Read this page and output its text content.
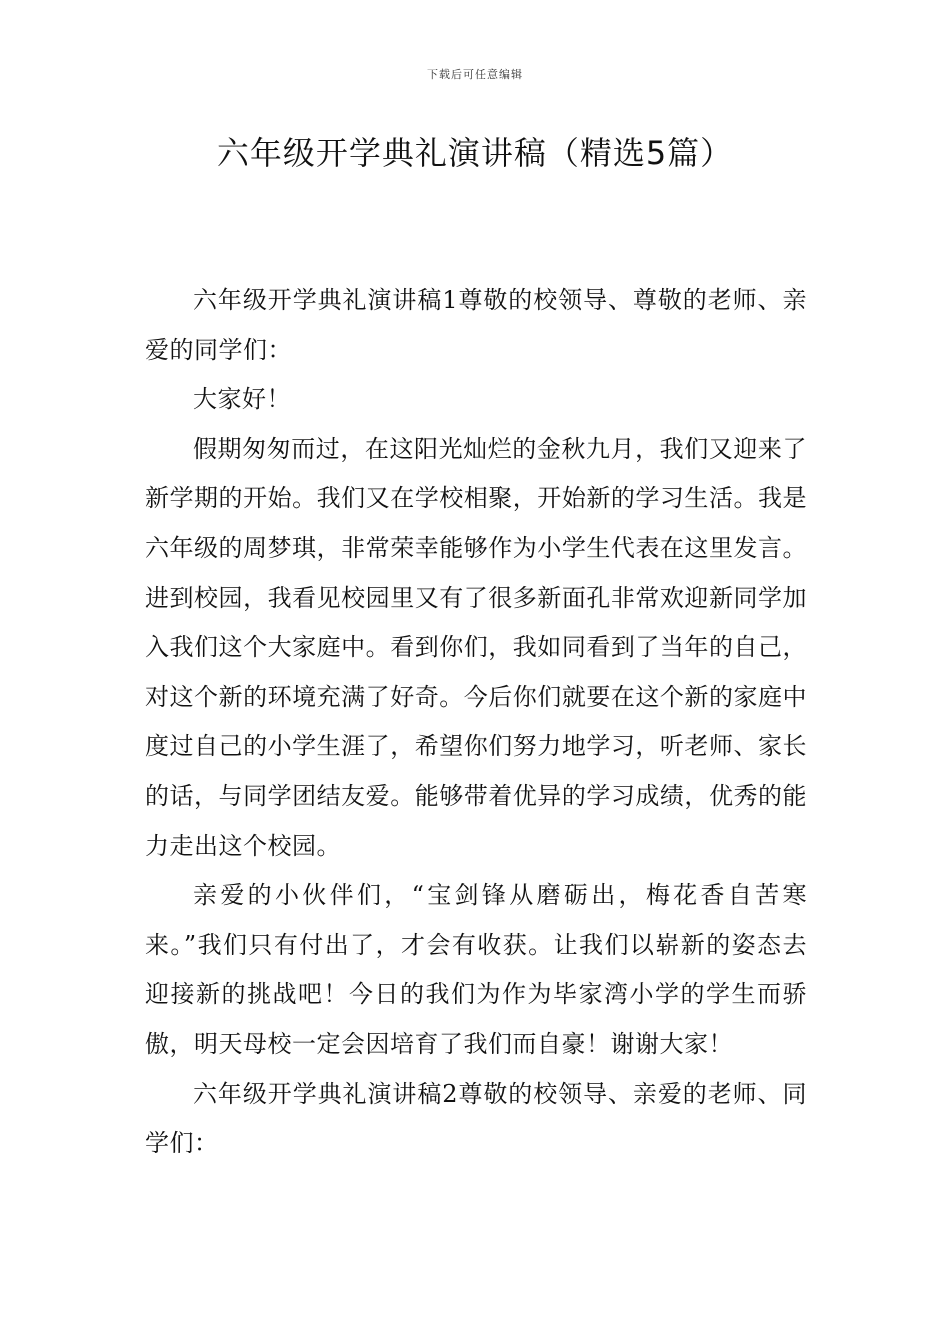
下载后可任意编辑
六年级开学典礼演讲稿（精选5篇）

六年级开学典礼演讲稿1尊敬的校领导、尊敬的老师、亲爱的同学们：

大家好！

假期匆匆而过，在这阳光灿烂的金秋九月，我们又迎来了新学期的开始。我们又在学校相聚，开始新的学习生活。我是六年级的周梦琪，非常荣幸能够作为小学生代表在这里发言。进到校园，我看见校园里又有了很多新面孔非常欢迎新同学加入我们这个大家庭中。看到你们，我如同看到了当年的自己，对这个新的环境充满了好奇。今后你们就要在这个新的家庭中度过自己的小学生涯了，希望你们努力地学习，听老师、家长的话，与同学团结友爱。能够带着优异的学习成绩，优秀的能力走出这个校园。

亲爱的小伙伴们，“宝剑锋从磨砺出，梅花香自苦寒来。”我们只有付出了，才会有收获。让我们以崭新的姿态去迎接新的挑战吧！今日的我们为作为毕家湾小学的学生而骄傲，明天母校一定会因培育了我们而自豪！谢谢大家！

六年级开学典礼演讲稿2尊敬的校领导、亲爱的老师、同学们：
